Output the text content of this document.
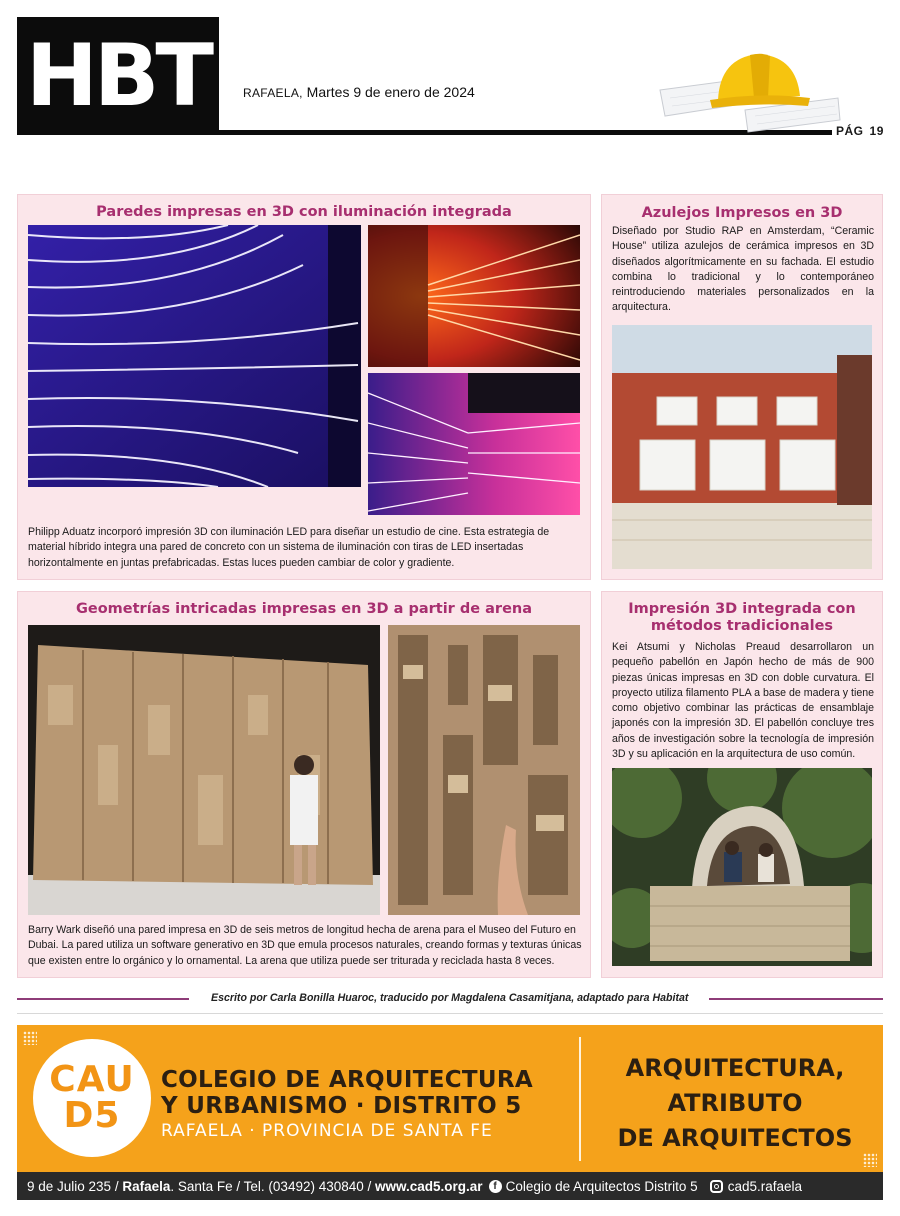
HBT	RAFAELA, Martes 9 de enero de 2024
PÁG 19
Paredes impresas en 3D con iluminación integrada
Philipp Aduatz incorporó impresión 3D con iluminación LED para diseñar un estudio de cine. Esta estrategia de material híbrido integra una pared de concreto con un sistema de iluminación con tiras de LED insertadas horizontalmente en juntas prefabricadas. Estas luces pueden cambiar de color y gradiente.
Azulejos Impresos en 3D
Diseñado por Studio RAP en Amsterdam, “Ceramic House” utiliza azulejos de cerámica impresos en 3D diseñados algorítmicamente en su fachada. El estudio combina lo tradicional y lo contemporáneo reintroduciendo materiales personalizados en la arquitectura.
Geometrías intricadas impresas en 3D a partir de arena
Barry Wark diseñó una pared impresa en 3D de seis metros de longitud hecha de arena para el Museo del Futuro en Dubai. La pared utiliza un software generativo en 3D que emula procesos naturales, creando formas y texturas únicas que existen entre lo orgánico y lo ornamental. La arena que utiliza puede ser triturada y reciclada hasta 8 veces.
Impresión 3D integrada con métodos tradicionales
Kei Atsumi y Nicholas Preaud desarrollaron un pequeño pabellón en Japón hecho de más de 900 piezas únicas impresas en 3D con doble curvatura. El proyecto utiliza filamento PLA a base de madera y tiene como objetivo combinar las prácticas de ensamblaje japonés con la impresión 3D. El pabellón concluye tres años de investigación sobre la tecnología de impresión 3D y su aplicación en la arquitectura de uso común.
Escrito por Carla Bonilla Huaroc, traducido por Magdalena Casamitjana, adaptado para Habitat
CAU
D5
COLEGIO DE ARQUITECTURA
Y URBANISMO · DISTRITO 5
RAFAELA · PROVINCIA DE SANTA FE
ARQUITECTURA,
ATRIBUTO
DE ARQUITECTOS
9 de Julio 235 /
Rafaela . Santa Fe / Tel. (03492) 430840 /
www.cad5.org.ar	f Colegio de Arquitectos Distrito 5 cad5.rafaela
